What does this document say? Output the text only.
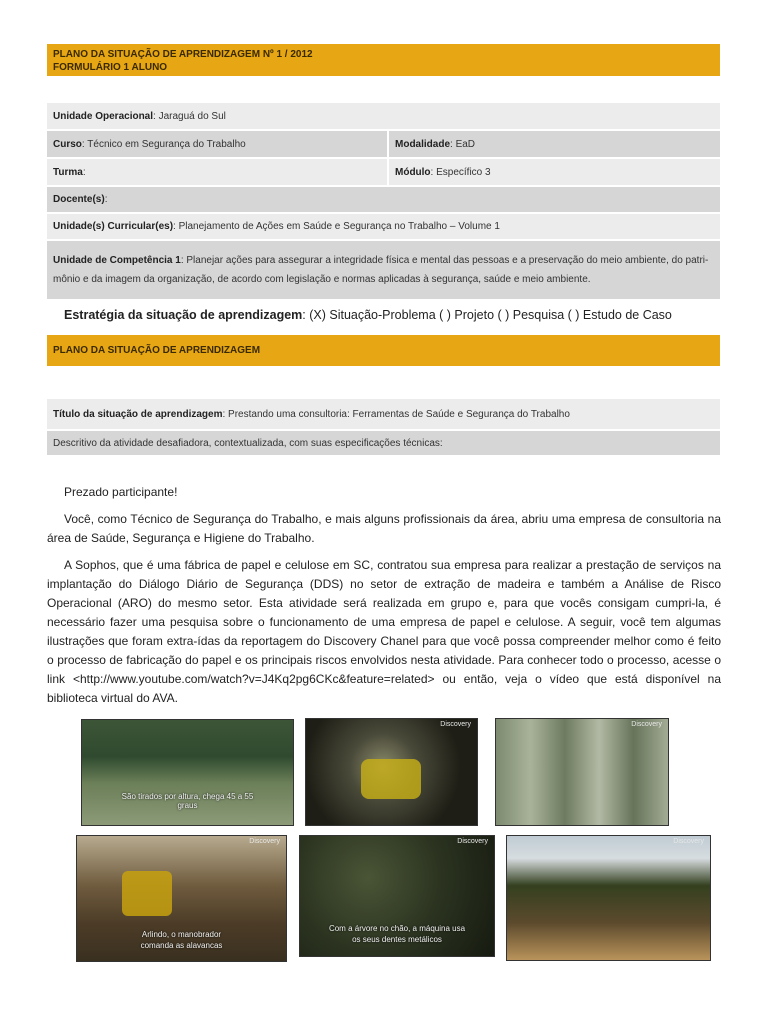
PLANO DA SITUAÇÃO DE APRENDIZAGEM Nº 1 / 2012
FORMULÁRIO 1 ALUNO
Unidade Operacional : Jaraguá do Sul
Curso : Técnico em Segurança do Trabalho	Modalidade : EaD
Turma :	Módulo : Específico 3
Docente(s) :
Unidade(s) Curricular(es) : Planejamento de Ações em Saúde e Segurança no Trabalho – Volume 1
Unidade de Competência 1: Planejar ações para assegurar a integridade física e mental das pessoas e a preservação do meio ambiente, do patri-mônio e da imagem da organização, de acordo com legislação e normas aplicadas à segurança, saúde e meio ambiente.
Estratégia da situação de aprendizagem: (X) Situação-Problema ( ) Projeto ( ) Pesquisa ( ) Estudo de Caso
PLANO DA SITUAÇÃO DE APRENDIZAGEM
Título da situação de aprendizagem : Prestando uma consultoria: Ferramentas de Saúde e Segurança do Trabalho
Descritivo da atividade desafiadora, contextualizada, com suas especificações técnicas:

Prezado participante!

Você, como Técnico de Segurança do Trabalho, e mais alguns profissionais da área, abriu uma empresa de consultoria na área de Saúde, Segurança e Higiene do Trabalho.

A Sophos, que é uma fábrica de papel e celulose em SC, contratou sua empresa para realizar a prestação de serviços na implantação do Diálogo Diário de Segurança (DDS) no setor de extração de madeira e também a Análise de Risco Operacional (ARO) do mesmo setor. Esta atividade será realizada em grupo e, para que vocês consigam cumpri-la, é necessário fazer uma pesquisa sobre o funcionamento de uma empresa de papel e celulose. A seguir, você tem algumas ilustrações que foram extra-ídas da reportagem do Discovery Chanel para que você possa compreender melhor como é feito o processo de fabricação do papel e os principais riscos envolvidos nesta atividade. Para conhecer todo o processo, acesse o link <http://www.youtube.com/watch?v=J4Kq2pg6CKc&feature=related> ou então, veja o vídeo que está disponível na biblioteca virtual do AVA.

São tirados por altura, chega 45 a 55 graus
Discovery	Discovery
Discovery
Arlindo, o manobrador
comanda as alavancas
Discovery
Com a árvore no chão, a máquina usa
os seus dentes metálicos
Discovery
